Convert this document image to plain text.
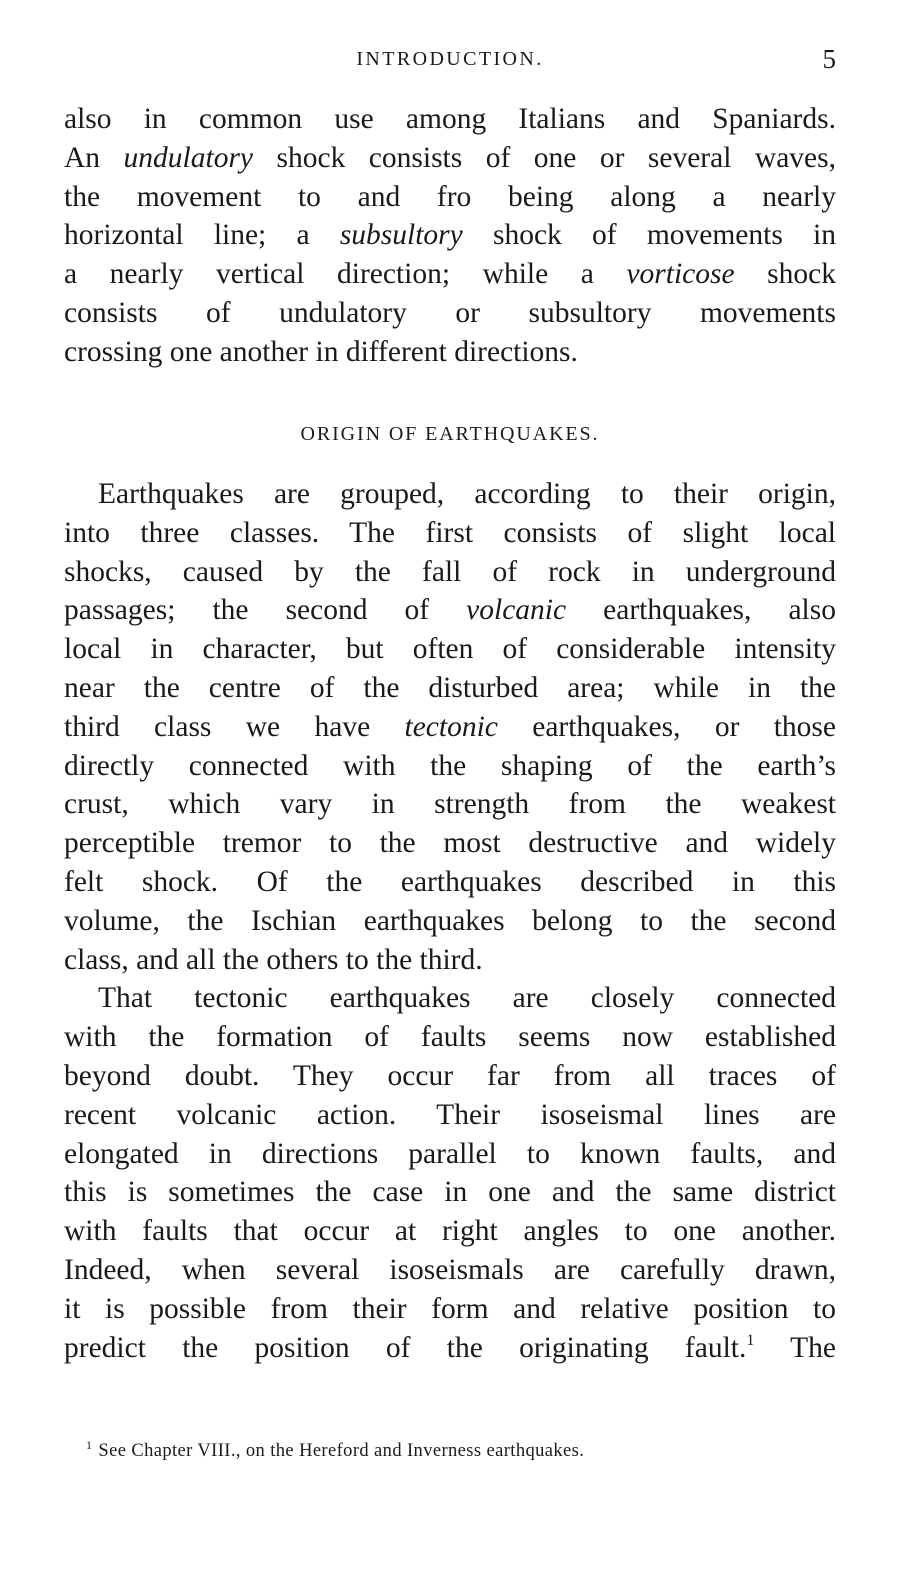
INTRODUCTION.	5

also in common use among Italians and Spaniards.
An undulatory shock consists of one or several waves,
the movement to and fro being along a nearly
horizontal line; a subsultory shock of movements in
a nearly vertical direction; while a vorticose shock
consists of undulatory or subsultory movements
crossing one another in different directions.

ORIGIN OF EARTHQUAKES.

Earthquakes are grouped, according to their origin,
into three classes. The first consists of slight local
shocks, caused by the fall of rock in underground
passages; the second of volcanic earthquakes, also
local in character, but often of considerable intensity
near the centre of the disturbed area; while in the
third class we have tectonic earthquakes, or those
directly connected with the shaping of the earth’s
crust, which vary in strength from the weakest
perceptible tremor to the most destructive and widely
felt shock. Of the earthquakes described in this
volume, the Ischian earthquakes belong to the second
class, and all the others to the third.

That tectonic earthquakes are closely connected
with the formation of faults seems now established
beyond doubt. They occur far from all traces of
recent volcanic action. Their isoseismal lines are
elongated in directions parallel to known faults, and
this is sometimes the case in one and the same district
with faults that occur at right angles to one another.
Indeed, when several isoseismals are carefully drawn,
it is possible from their form and relative position to
predict the position of the originating fault.$^1$ The

$^1$ See Chapter VIII., on the Hereford and Inverness earthquakes.
